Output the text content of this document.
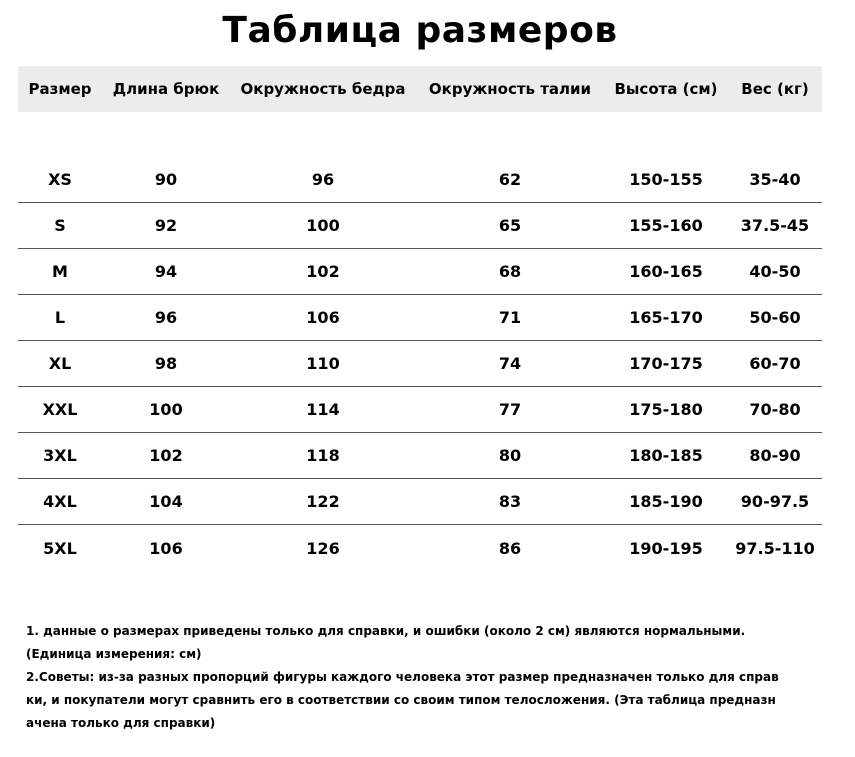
Таблица размеров
Размер	Длина брюк	Окружность бедра	Окружность талии	Высота (см)	Вес (кг)
XS	90	96	62	150-155	35-40
S	92	100	65	155-160	37.5-45
M	94	102	68	160-165	40-50
L	96	106	71	165-170	50-60
XL	98	110	74	170-175	60-70
XXL	100	114	77	175-180	70-80
3XL	102	118	80	180-185	80-90
4XL	104	122	83	185-190	90-97.5
5XL	106	126	86	190-195	97.5-110

1. данные о размерах приведены только для справки, и ошибки (около 2 см) являются нормальными.

(Единица измерения: см)

2.Советы: из-за разных пропорций фигуры каждого человека этот размер предназначен только для справ

ки, и покупатели могут сравнить его в соответствии со своим типом телосложения. (Эта таблица предназн

ачена только для справки)
